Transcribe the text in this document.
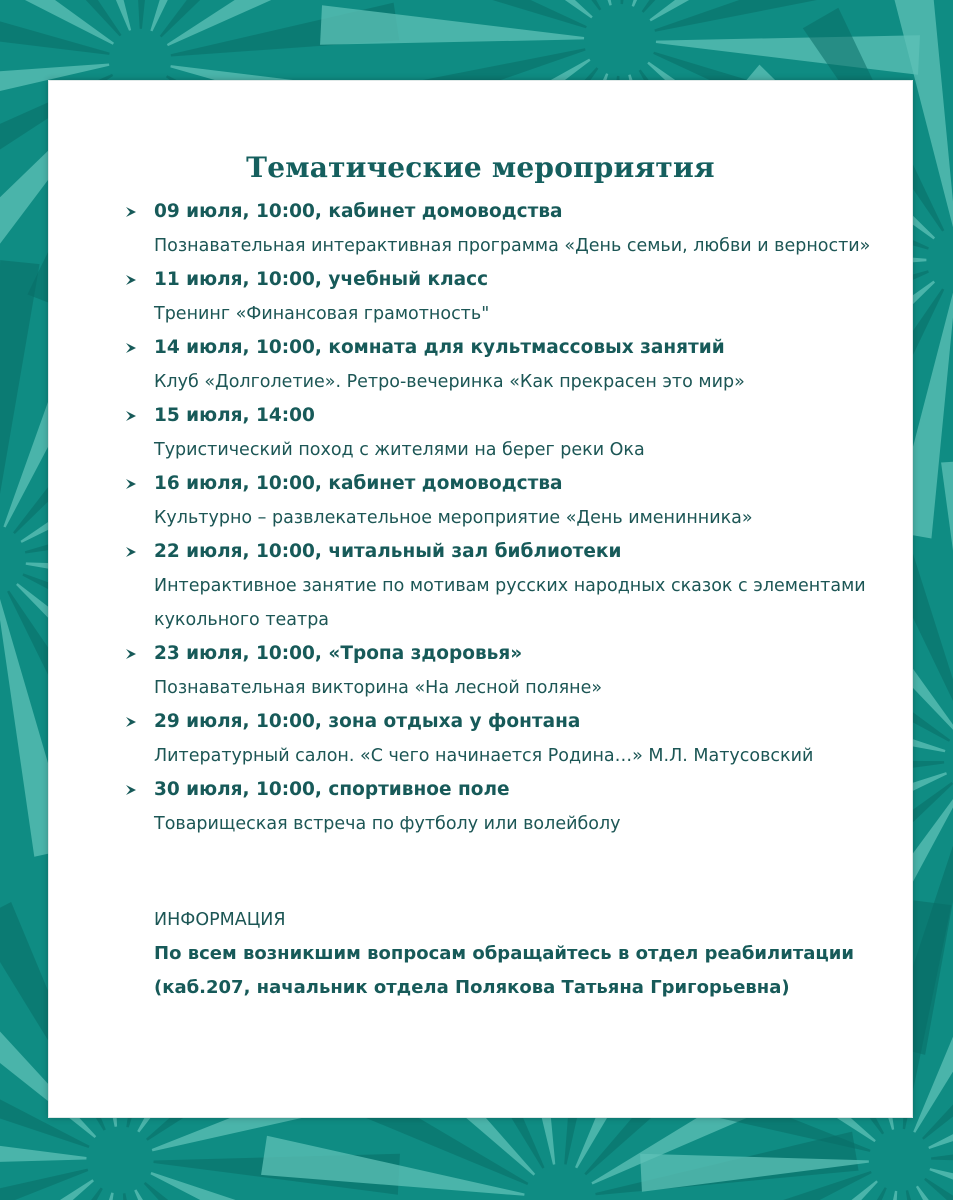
Тематические мероприятия
09 июля, 10:00, кабинет домоводства
Познавательная интерактивная программа «День семьи, любви и верности»
11 июля, 10:00, учебный класс
Тренинг «Финансовая грамотность"
14 июля, 10:00, комната для культмассовых занятий
Клуб «Долголетие». Ретро-вечеринка «Как прекрасен это мир»
15 июля, 14:00
Туристический поход с жителями на берег реки Ока
16 июля, 10:00, кабинет домоводства
Культурно – развлекательное мероприятие «День именинника»
22 июля, 10:00, читальный зал библиотеки
Интерактивное занятие по мотивам русских народных сказок с элементами кукольного театра
23 июля, 10:00, «Тропа здоровья»
Познавательная викторина «На лесной поляне»
29 июля, 10:00, зона отдыха у фонтана
Литературный салон. «С чего начинается Родина…» М.Л. Матусовский
30 июля, 10:00, спортивное поле
Товарищеская встреча по футболу или волейболу

ИНФОРМАЦИЯ

По всем возникшим вопросам обращайтесь в отдел реабилитации (каб.207, начальник отдела Полякова Татьяна Григорьевна)
